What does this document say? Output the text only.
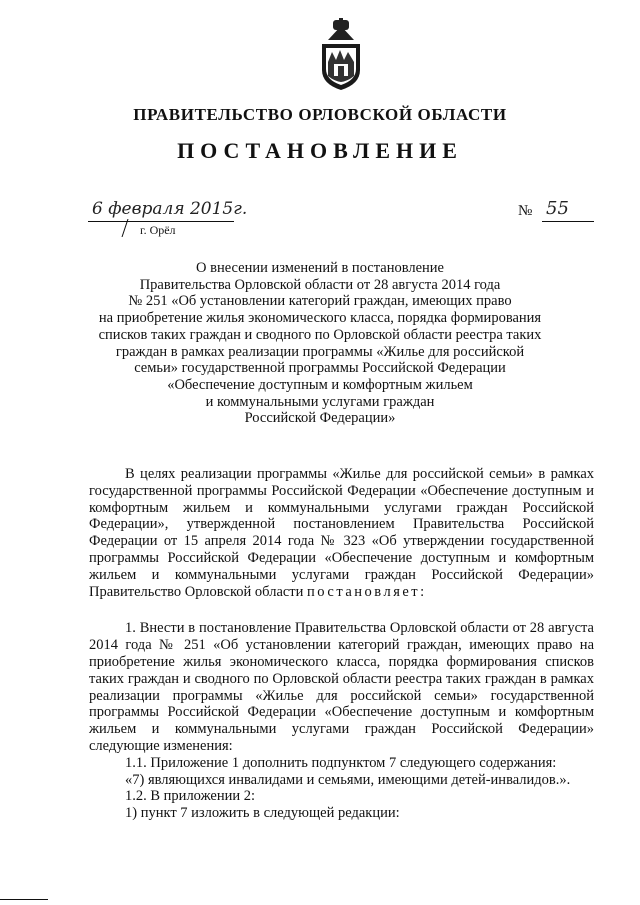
ПРАВИТЕЛЬСТВО ОРЛОВСКОЙ ОБЛАСТИ
ПОСТАНОВЛЕНИЕ
6 февраля 2015г.
г. Орёл
№ 55
О внесении изменений в постановление
Правительства Орловской области от 28 августа 2014 года
№ 251 «Об установлении категорий граждан, имеющих право
на приобретение жилья экономического класса, порядка формирования
списков таких граждан и сводного по Орловской области реестра таких
граждан в рамках реализации программы «Жилье для российской
семьи» государственной программы Российской Федерации
«Обеспечение доступным и комфортным жильем
и коммунальными услугами граждан
Российской Федерации»

В целях реализации программы «Жилье для российской семьи» в рамках государственной программы Российской Федерации «Обеспечение доступным и комфортным жильем и коммунальными услугами граждан Российской Федерации», утвержденной постановлением Правительства Российской Федерации от 15 апреля 2014 года № 323 «Об утверждении государственной программы Российской Федерации «Обеспечение доступным и комфортным жильем и коммунальными услугами граждан Российской Федерации» Правительство Орловской области постановляет:

1. Внести в постановление Правительства Орловской области от 28 августа 2014 года № 251 «Об установлении категорий граждан, имеющих право на приобретение жилья экономического класса, порядка формирования списков таких граждан и сводного по Орловской области реестра таких граждан в рамках реализации программы «Жилье для российской семьи» государственной программы Российской Федерации «Обеспечение доступным и комфортным жильем и коммунальными услугами граждан Российской Федерации» следующие изменения:

1.1. Приложение 1 дополнить подпунктом 7 следующего содержания:

«7) являющихся инвалидами и семьями, имеющими детей-инвалидов.».

1.2. В приложении 2:

1) пункт 7 изложить в следующей редакции:
